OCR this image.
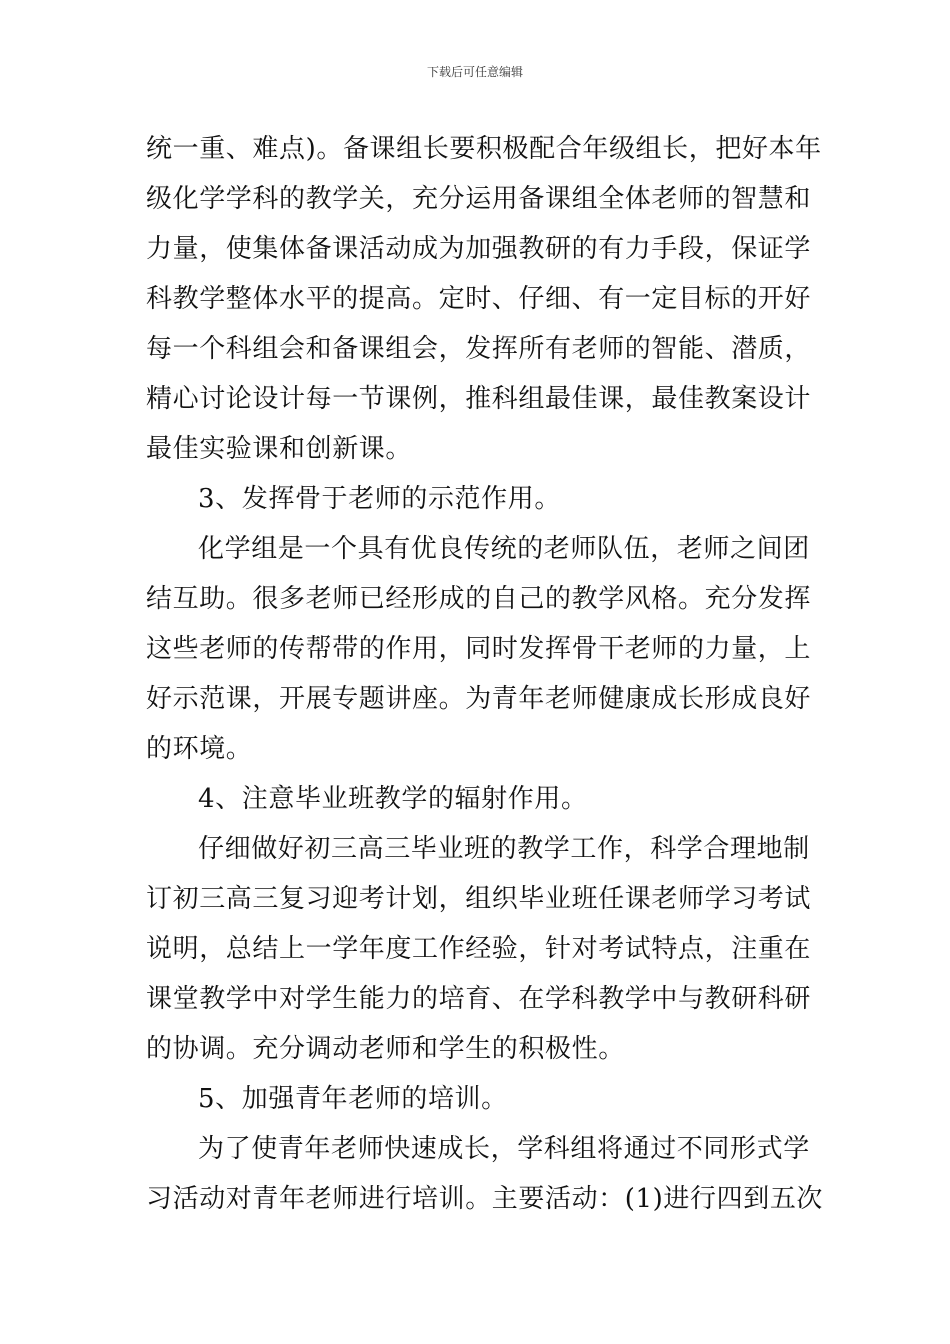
下载后可任意编辑
统一重、难点)。备课组长要积极配合年级组长，把好本年
级化学学科的教学关，充分运用备课组全体老师的智慧和
力量，使集体备课活动成为加强教研的有力手段，保证学
科教学整体水平的提高。定时、仔细、有一定目标的开好
每一个科组会和备课组会，发挥所有老师的智能、潜质，
精心讨论设计每一节课例，推科组最佳课，最佳教案设计
最佳实验课和创新课。
3、发挥骨于老师的示范作用。
化学组是一个具有优良传统的老师队伍，老师之间团
结互助。很多老师已经形成的自己的教学风格。充分发挥
这些老师的传帮带的作用，同时发挥骨干老师的力量，上
好示范课，开展专题讲座。为青年老师健康成长形成良好
的环境。
4、注意毕业班教学的辐射作用。
仔细做好初三高三毕业班的教学工作，科学合理地制
订初三高三复习迎考计划，组织毕业班任课老师学习考试
说明，总结上一学年度工作经验，针对考试特点，注重在
课堂教学中对学生能力的培育、在学科教学中与教研科研
的协调。充分调动老师和学生的积极性。
5、加强青年老师的培训。
为了使青年老师快速成长，学科组将通过不同形式学
习活动对青年老师进行培训。主要活动：(1)进行四到五次
